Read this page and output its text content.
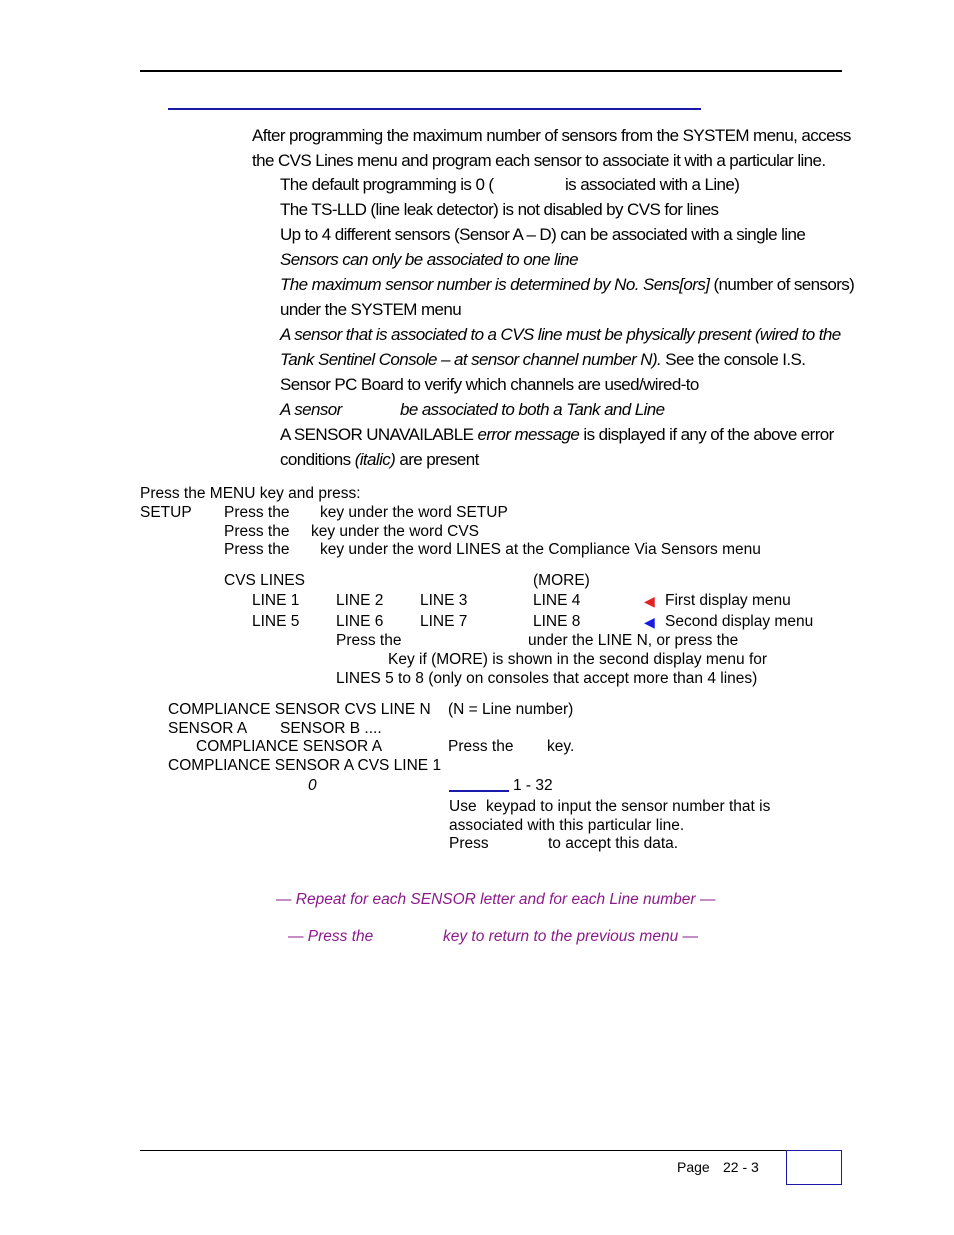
After programming the maximum number of sensors from the SYSTEM menu, access
the CVS Lines menu and program each sensor to associate it with a particular line.
The default programming is 0 (	is associated with a Line)
The TS-LLD (line leak detector) is not disabled by CVS for lines
Up to 4 different sensors (Sensor A – D) can be associated with a single line
Sensors can only be associated to one line
The maximum sensor number is determined by No. Sens[ors] (number of sensors)
under the SYSTEM menu
A sensor that is associated to a CVS line must be physically present (wired to the
Tank Sentinel Console – at sensor channel number N). See the console I.S.
Sensor PC Board to verify which channels are used/wired-to
A sensor	be associated to both a Tank and Line
A SENSOR UNAVAILABLE error message is displayed if any of the above error
conditions (italic) are present
Press the MENU key and press:
SETUP Press the key under the word SETUP
Press the key under the word CVS
Press the key under the word LINES at the Compliance Via Sensors menu
CVS LINES	(MORE)
LINE 1 LINE 2 LINE 3	LINE 4	◀ First display menu
LINE 5 LINE 6 LINE 7	LINE 8	◀ Second display menu
Press the	under the LINE N, or press the
Key if (MORE) is shown in the second display menu for
LINES 5 to 8 (only on consoles that accept more than 4 lines)
COMPLIANCE SENSOR CVS LINE N (N = Line number)
SENSOR A SENSOR B ....
COMPLIANCE SENSOR A	Press the key.
COMPLIANCE SENSOR A CVS LINE 1
0	1 - 32
Use keypad to input the sensor number that is
associated with this particular line.
Press	to accept this data.
— Repeat for each SENSOR letter and for each Line number —
— Press the	key to return to the previous menu —
Page 22 - 3
